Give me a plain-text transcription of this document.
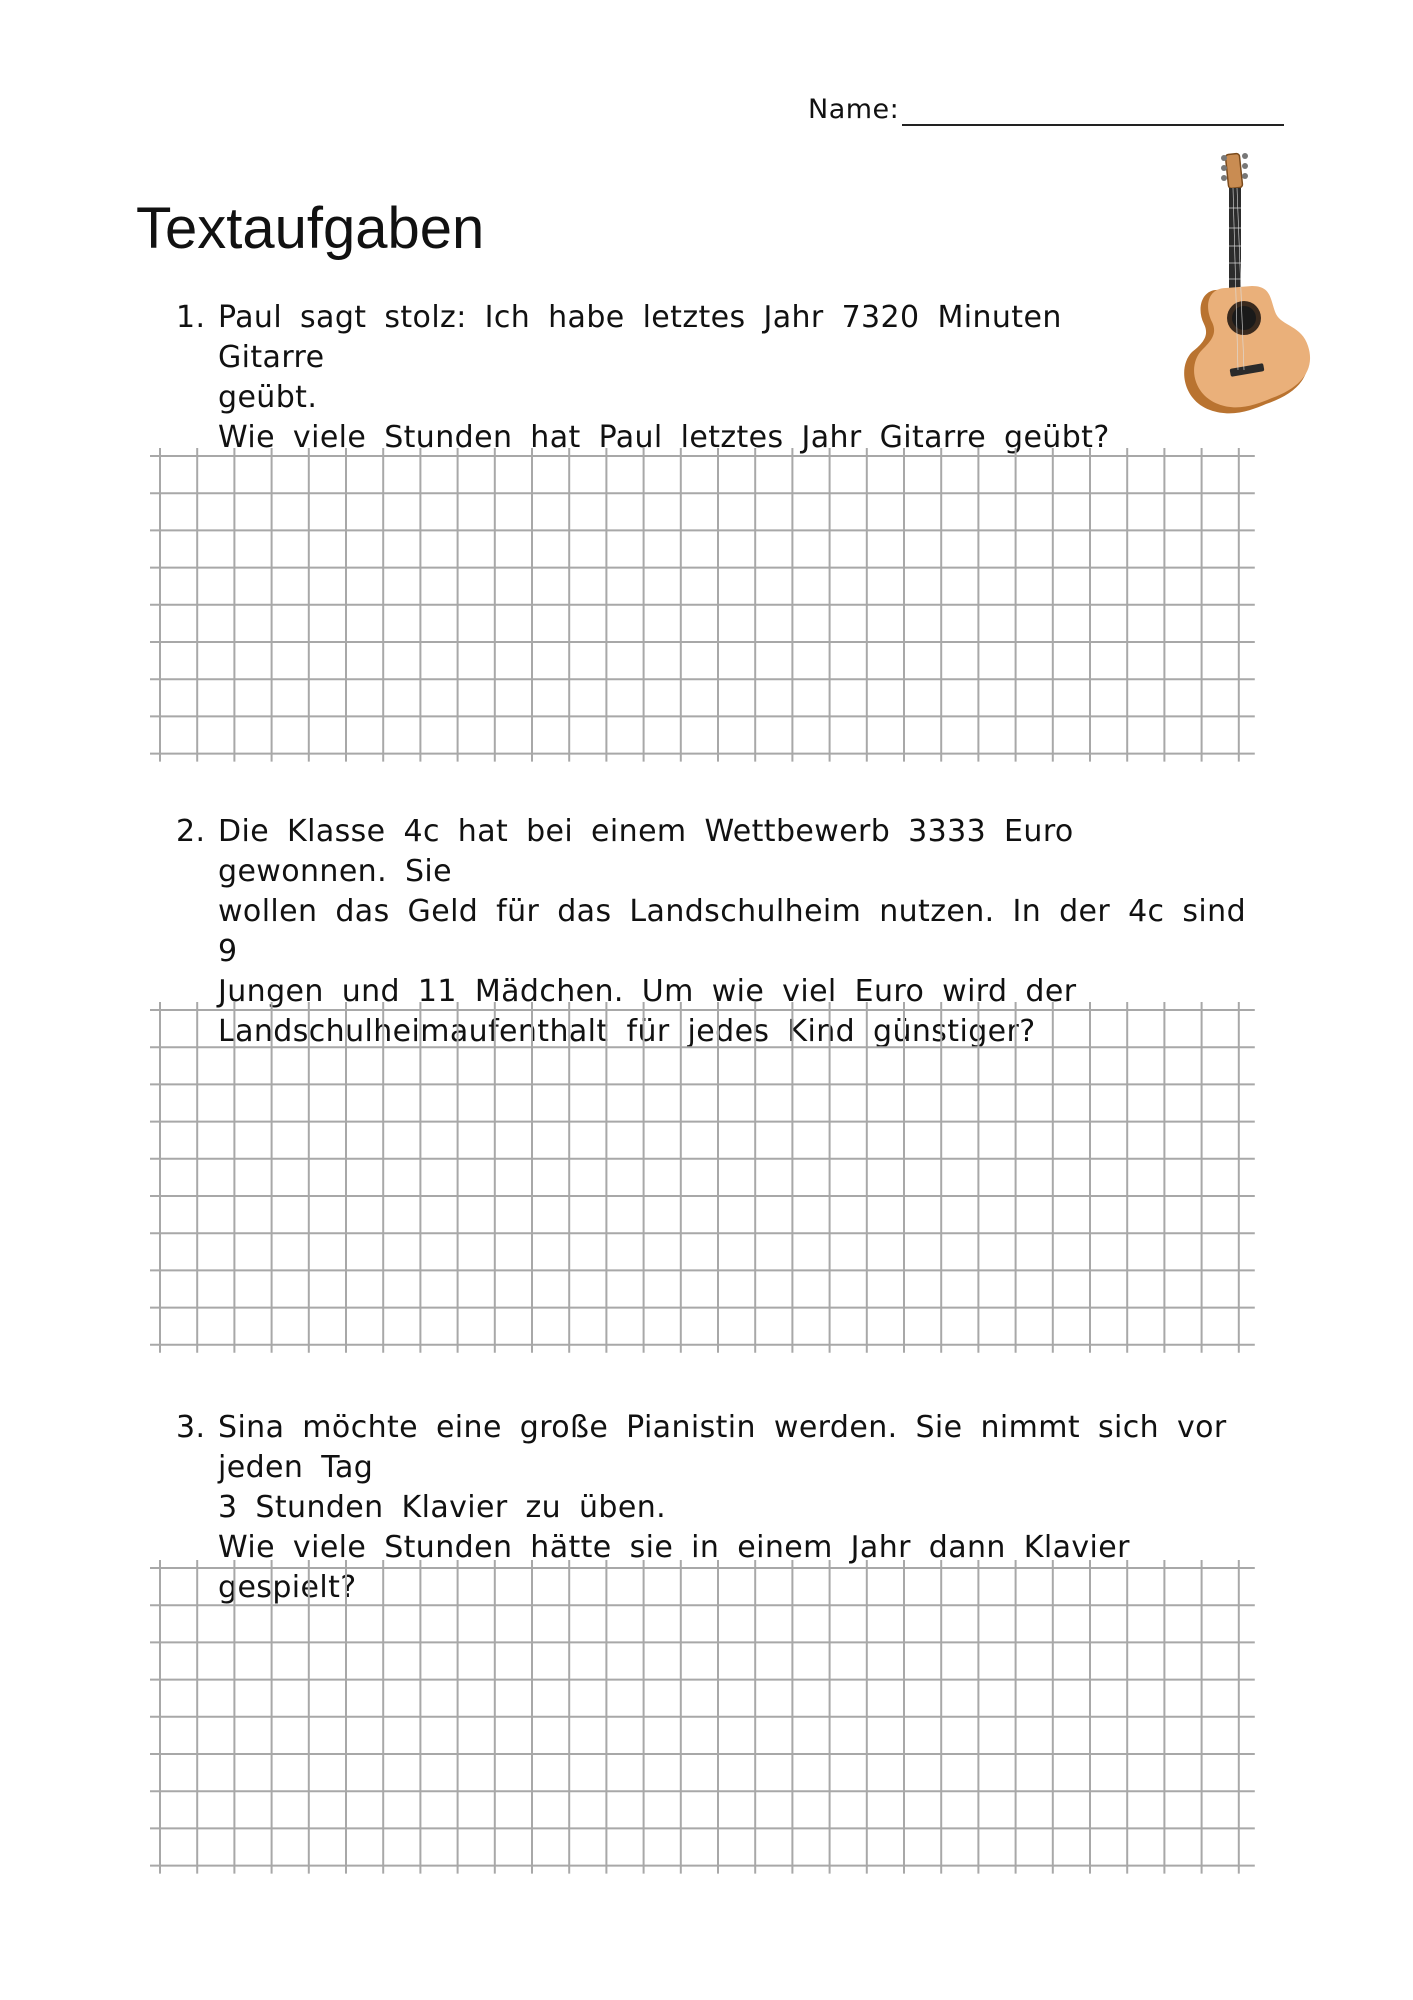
Name:
Textaufgaben
1. Paul sagt stolz: Ich habe letztes Jahr 7320 Minuten Gitarre
geübt.
Wie viele Stunden hat Paul letztes Jahr Gitarre geübt?
2. Die Klasse 4c hat bei einem Wettbewerb 3333 Euro gewonnen. Sie
wollen das Geld für das Landschulheim nutzen. In der 4c sind 9
Jungen und 11 Mädchen. Um wie viel Euro wird der
Landschulheimaufenthalt für jedes Kind günstiger?
3. Sina möchte eine große Pianistin werden. Sie nimmt sich vor jeden Tag
3 Stunden Klavier zu üben.
Wie viele Stunden hätte sie in einem Jahr dann Klavier gespielt?
